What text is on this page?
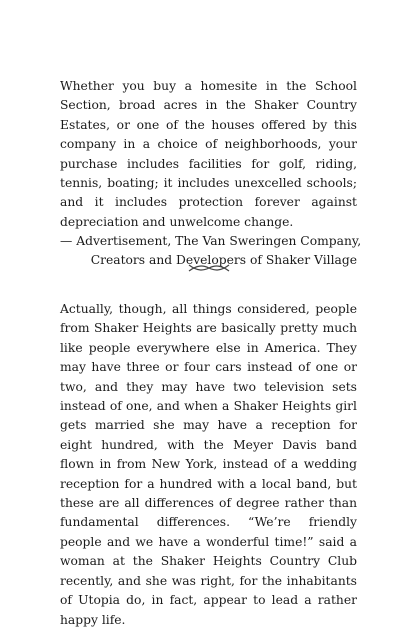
Whether you buy a homesite in the School Section, broad acres in the Shaker Country Estates, or one of the houses offered by this company in a choice of neighborhoods, your purchase includes facilities for golf, riding, tennis, boating; it includes unexcelled schools; and it includes protection forever against depreciation and unwelcome change.

— Advertisement, The Van Sweringen Company,
Creators and Developers of Shaker Village

Actually, though, all things considered, people from Shaker Heights are basically pretty much like people everywhere else in America. They may have three or four cars instead of one or two, and they may have two television sets instead of one, and when a Shaker Heights girl gets married she may have a reception for eight hundred, with the Meyer Davis band flown in from New York, instead of a wedding reception for a hundred with a local band, but these are all differences of degree rather than fundamental differences. “We’re friendly people and we have a wonderful time!” said a woman at the Shaker Heights Country Club recently, and she was right, for the inhabitants of Utopia do, in fact, appear to lead a rather happy life.
